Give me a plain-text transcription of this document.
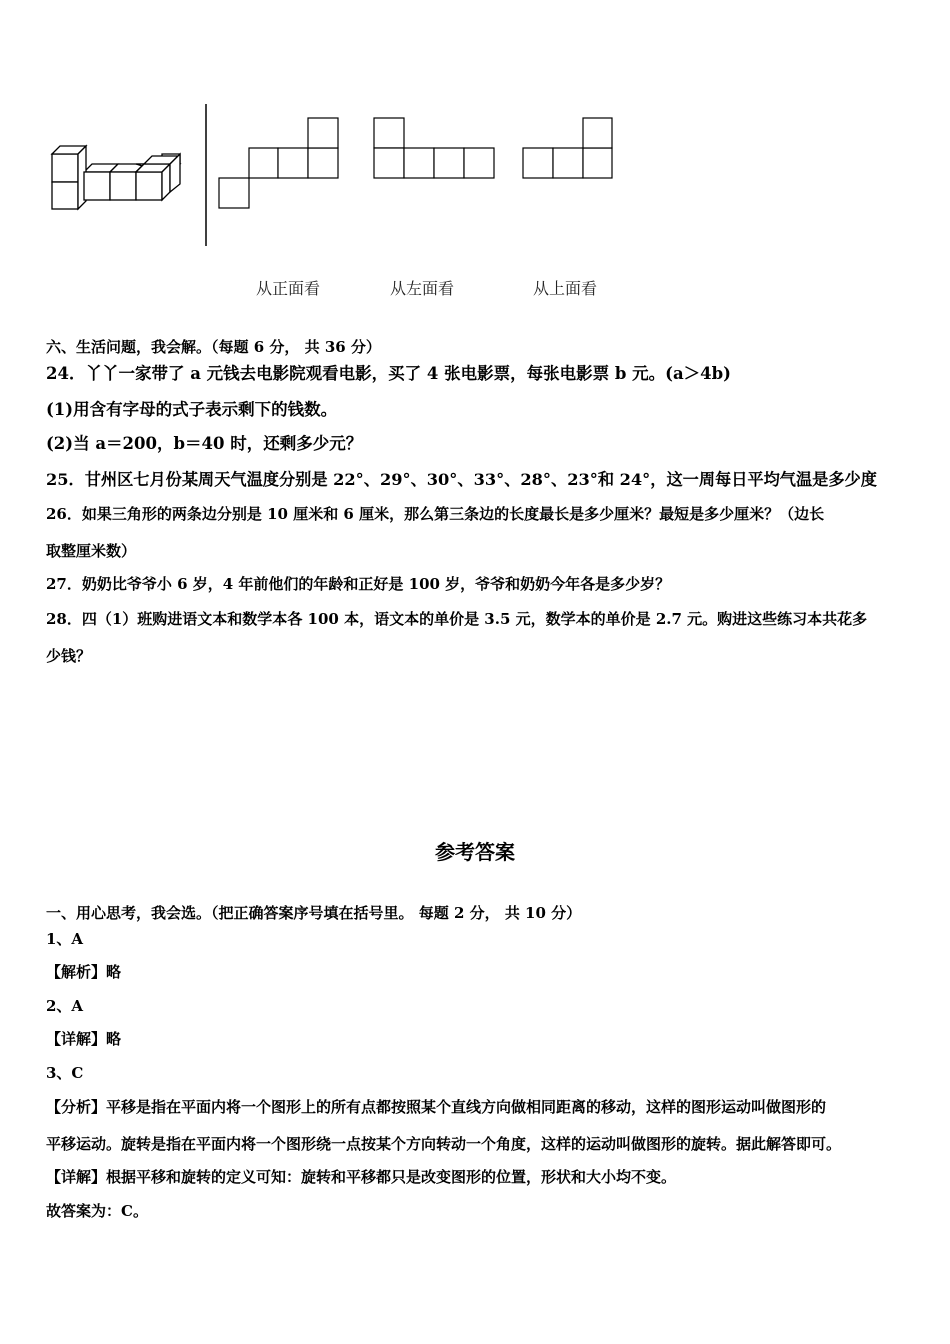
从正面看	从左面看	从上面看
六、生活问题，我会解。（每题 6 分， 共 36 分）
24．丫丫一家带了 a 元钱去电影院观看电影，买了 4 张电影票，每张电影票 b 元。(a＞4b)
(1)用含有字母的式子表示剩下的钱数。
(2)当 a＝200，b＝40 时，还剩多少元？
25．甘州区七月份某周天气温度分别是 22°、29°、30°、33°、28°、23°和 24°，这一周每日平均气温是多少度
26．如果三角形的两条边分别是 10 厘米和 6 厘米，那么第三条边的长度最长是多少厘米？最短是多少厘米？（边长
取整厘米数）
27．奶奶比爷爷小 6 岁，4 年前他们的年龄和正好是 100 岁，爷爷和奶奶今年各是多少岁？
28．四（1）班购进语文本和数学本各 100 本，语文本的单价是 3.5 元，数学本的单价是 2.7 元。购进这些练习本共花多
少钱？
参考答案
一、用心思考，我会选。（把正确答案序号填在括号里。 每题 2 分， 共 10 分）
1、A
【解析】略
2、A
【详解】略
3、C
【分析】平移是指在平面内将一个图形上的所有点都按照某个直线方向做相同距离的移动，这样的图形运动叫做图形的
平移运动。旋转是指在平面内将一个图形绕一点按某个方向转动一个角度，这样的运动叫做图形的旋转。据此解答即可。
【详解】根据平移和旋转的定义可知：旋转和平移都只是改变图形的位置，形状和大小均不变。
故答案为：C。
